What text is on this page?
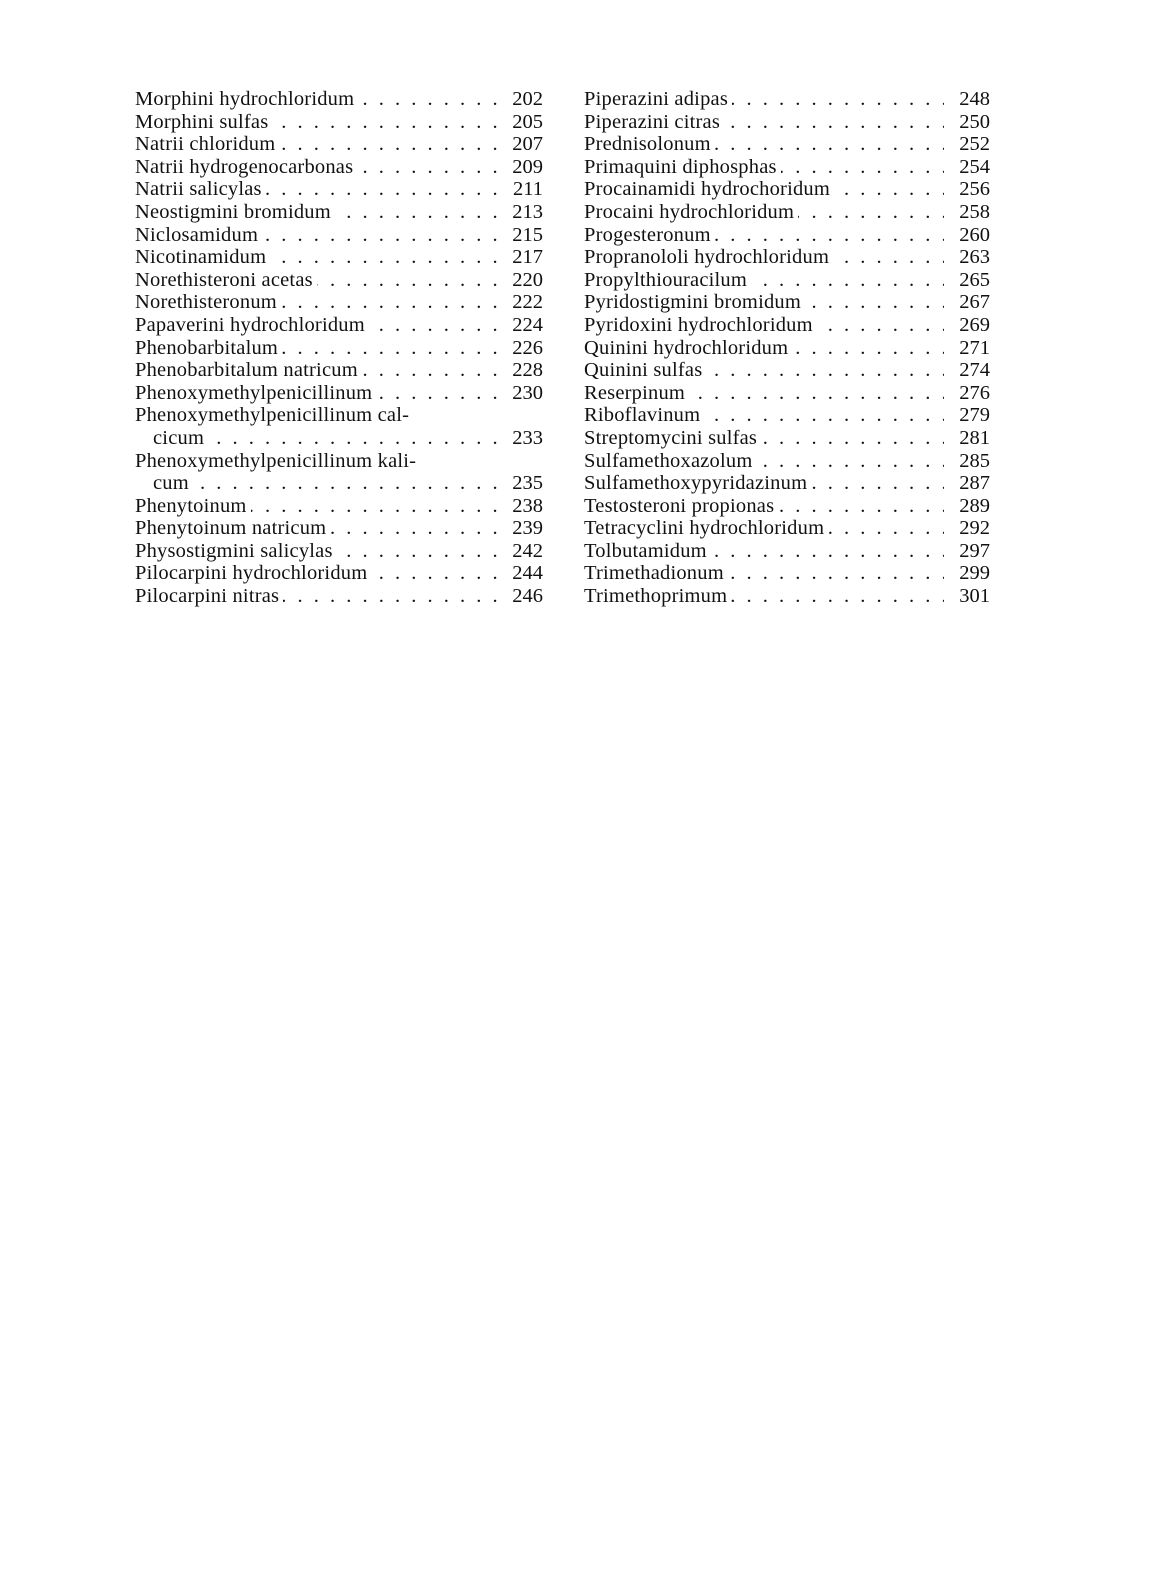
Morphini hydrochloridum . . .	202
Morphini sulfas . . .	205
Natrii chloridum . . .	207
Natrii hydrogenocarbonas . . .	209
Natrii salicylas . . .	211
Neostigmini bromidum . . .	213
Niclosamidum . . .	215
Nicotinamidum . . .	217
Norethisteroni acetas . . .	220
Norethisteronum . . .	222
Papaverini hydrochloridum . . .	224
Phenobarbitalum . . .	226
Phenobarbitalum natricum . . .	228
Phenoxymethylpenicillinum . . .	230
Phenoxymethylpenicillinum cal-
cicum . . .	233
Phenoxymethylpenicillinum kali-
cum . . .	235
Phenytoinum . . .	238
Phenytoinum natricum . . .	239
Physostigmini salicylas . . .	242
Pilocarpini hydrochloridum . . .	244
Pilocarpini nitras . . .	246
Piperazini adipas . . .	248
Piperazini citras . . .	250
Prednisolonum . . .	252
Primaquini diphosphas . . .	254
Procainamidi hydrochoridum . . .	256
Procaini hydrochloridum . . .	258
Progesteronum . . .	260
Propranololi hydrochloridum . . .	263
Propylthiouracilum . . .	265
Pyridostigmini bromidum . . .	267
Pyridoxini hydrochloridum . . .	269
Quinini hydrochloridum . . .	271
Quinini sulfas . . .	274
Reserpinum . . .	276
Riboflavinum . . .	279
Streptomycini sulfas . . .	281
Sulfamethoxazolum . . .	285
Sulfamethoxypyridazinum . . .	287
Testosteroni propionas . . .	289
Tetracyclini hydrochloridum . . .	292
Tolbutamidum . . .	297
Trimethadionum . . .	299
Trimethoprimum . . .	301
